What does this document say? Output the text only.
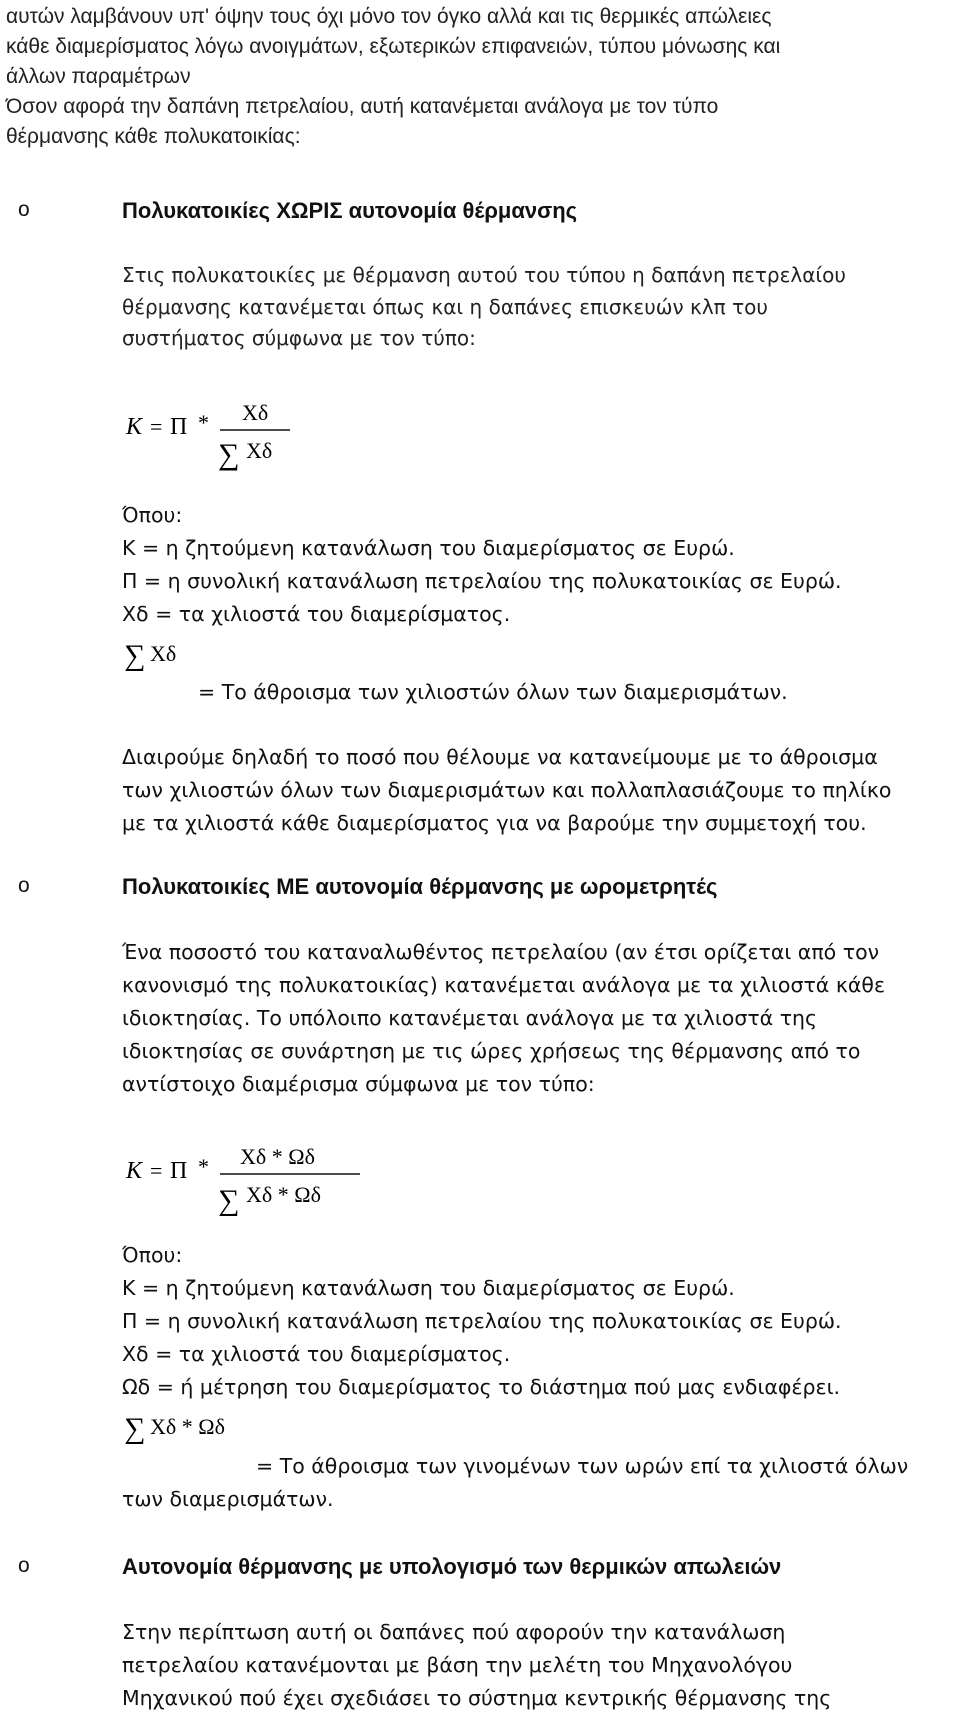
αυτών λαμβάνουν υπ' όψην τους όχι μόνο τον όγκο αλλά και τις θερμικές απώλειες

κάθε διαμερίσματος λόγω ανοιγμάτων, εξωτερικών επιφανειών, τύπου μόνωσης και

άλλων παραμέτρων

Όσον αφορά την δαπάνη πετρελαίου, αυτή κατανέμεται ανάλογα με τον τύπο

θέρμανσης κάθε πολυκατοικίας:

o	Πολυκατοικίες ΧΩΡΙΣ αυτονομία θέρμανσης

Στις πολυκατοικίες με θέρμανση αυτού του τύπου η δαπάνη πετρελαίου

θέρμανσης κατανέμεται όπως και η δαπάνες επισκευών κλπ του

συστήματος σύμφωνα με τον τύπο:

K = Π * Xδ
∑ Xδ

Όπου:

Κ = η ζητούμενη κατανάλωση του διαμερίσματος σε Ευρώ.

Π = η συνολική κατανάλωση πετρελαίου της πολυκατοικίας σε Ευρώ.

Χδ = τα χιλιοστά του διαμερίσματος.

∑ Xδ
= Το άθροισμα των χιλιοστών όλων των διαμερισμάτων.

Διαιρούμε δηλαδή το ποσό που θέλουμε να κατανείμουμε με το άθροισμα

των χιλιοστών όλων των διαμερισμάτων και πολλαπλασιάζουμε το πηλίκο

με τα χιλιοστά κάθε διαμερίσματος για να βαρούμε την συμμετοχή του.

o	Πολυκατοικίες ΜΕ αυτονομία θέρμανσης με ωρομετρητές

Ένα ποσοστό του καταναλωθέντος πετρελαίου (αν έτσι ορίζεται από τον

κανονισμό της πολυκατοικίας) κατανέμεται ανάλογα με τα χιλιοστά κάθε

ιδιοκτησίας. Το υπόλοιπο κατανέμεται ανάλογα με τα χιλιοστά της

ιδιοκτησίας σε συνάρτηση με τις ώρες χρήσεως της θέρμανσης από το

αντίστοιχο διαμέρισμα σύμφωνα με τον τύπο:

K = Π * Xδ * Ωδ
∑ Xδ * Ωδ

Όπου:

Κ = η ζητούμενη κατανάλωση του διαμερίσματος σε Ευρώ.

Π = η συνολική κατανάλωση πετρελαίου της πολυκατοικίας σε Ευρώ.

Χδ = τα χιλιοστά του διαμερίσματος.

Ωδ = ή μέτρηση του διαμερίσματος το διάστημα πού μας ενδιαφέρει.

∑ Xδ * Ωδ
= Το άθροισμα των γινομένων των ωρών επί τα χιλιοστά όλων
των διαμερισμάτων.
o	Αυτονομία θέρμανσης με υπολογισμό των θερμικών απωλειών

Στην περίπτωση αυτή οι δαπάνες πού αφορούν την κατανάλωση

πετρελαίου κατανέμονται με βάση την μελέτη του Μηχανολόγου

Μηχανικού πού έχει σχεδιάσει το σύστημα κεντρικής θέρμανσης της
